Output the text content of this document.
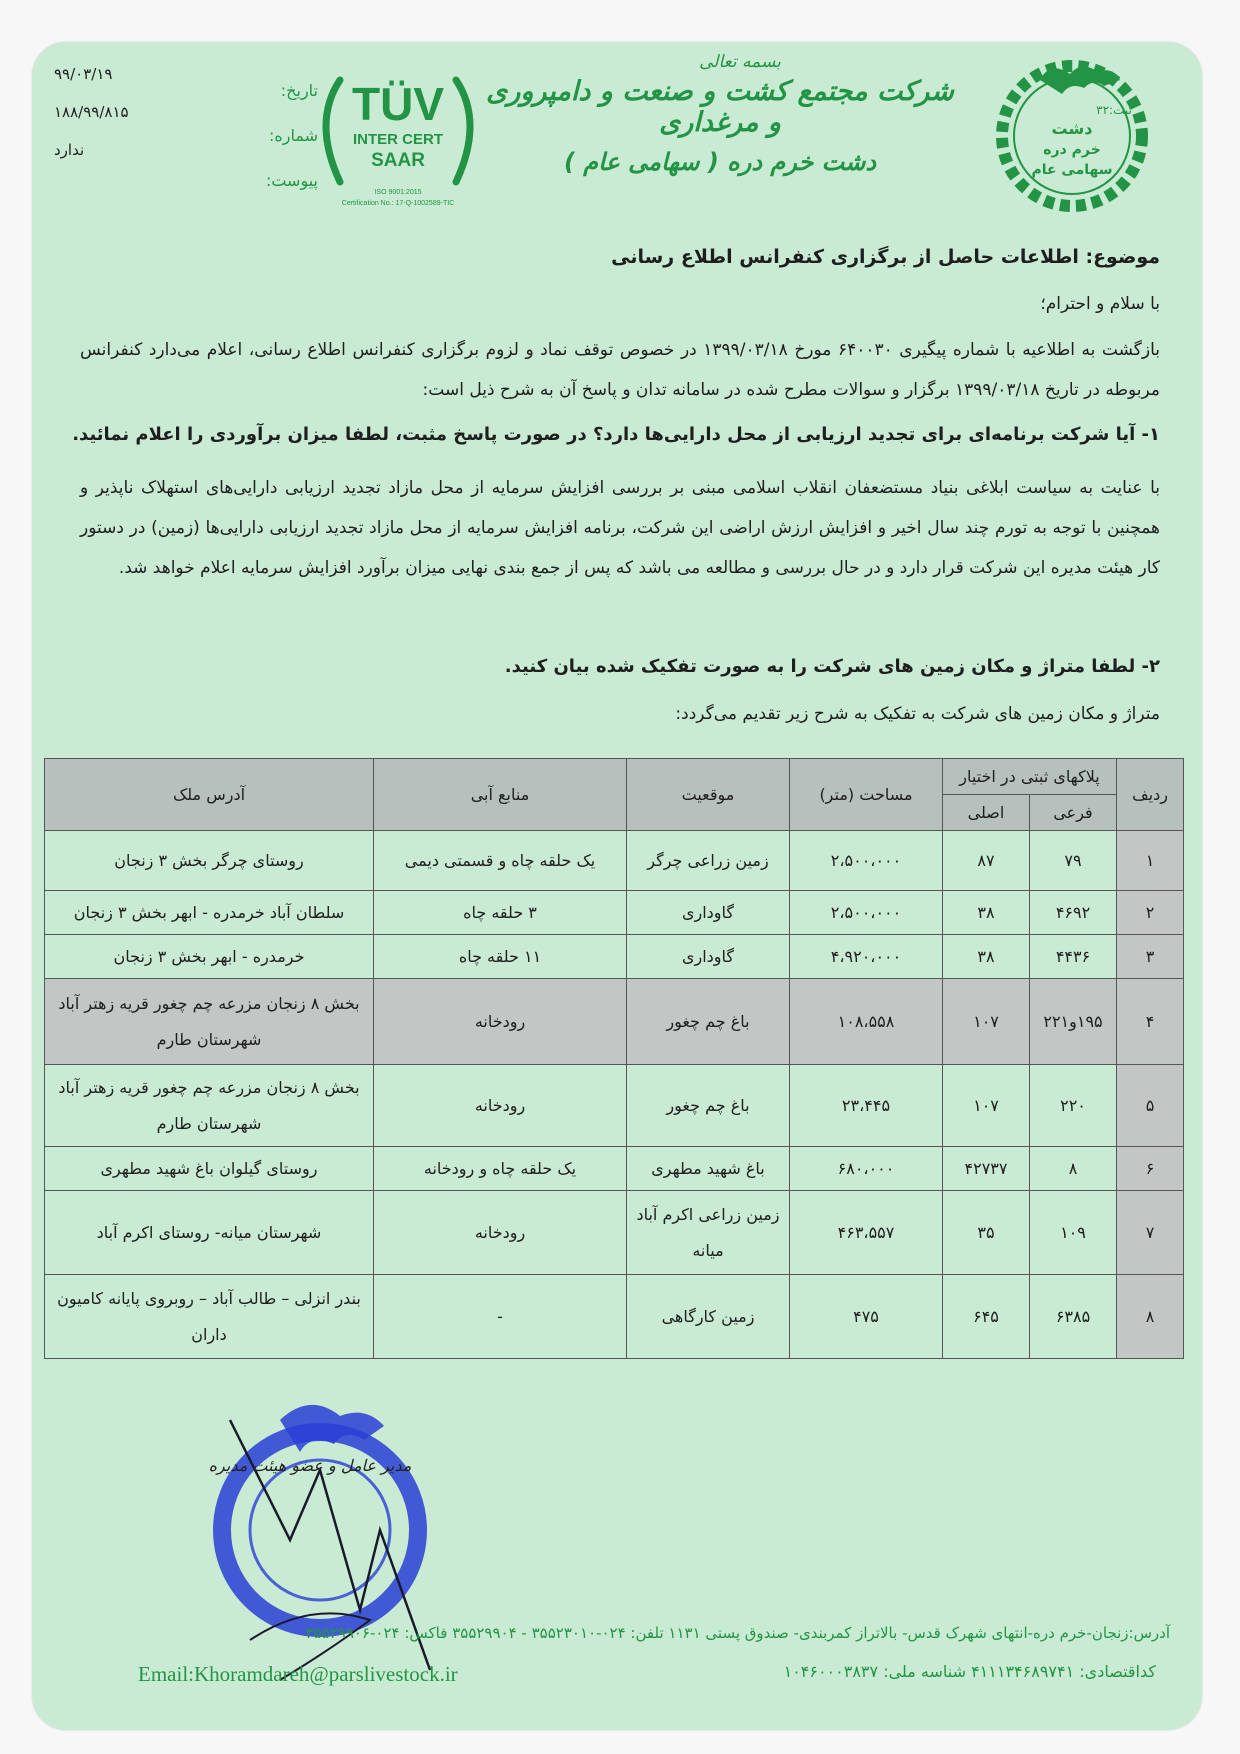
۹۹/۰۳/۱۹
۱۸۸/۹۹/۸۱۵
ندارد
تاریخ:
شماره:
پیوست:
TÜV
INTER CERT
SAAR
ISO 9001:2015
Certification No.: 17-Q-1002589-TIC
بسمه تعالی
شرکت مجتمع کشت و صنعت و دامپروری و مرغداری
دشت خرم دره ( سهامی عام )
ثبت:۳۲
دشت
خرم دره
سهامی عام
موضوع: اطلاعات حاصل از برگزاری کنفرانس اطلاع رسانی
با سلام و احترام؛
بازگشت به اطلاعیه با شماره پیگیری ۶۴۰۰۳۰ مورخ ۱۳۹۹/۰۳/۱۸ در خصوص توقف نماد و لزوم برگزاری کنفرانس اطلاع رسانی، اعلام می‌دارد کنفرانس مربوطه در تاریخ ۱۳۹۹/۰۳/۱۸ برگزار و سوالات مطرح شده در سامانه تدان و پاسخ آن به شرح ذیل است:
۱- آیا شرکت برنامه‌ای برای تجدید ارزیابی از محل دارایی‌ها دارد؟ در صورت پاسخ مثبت، لطفا میزان برآوردی را اعلام نمائید.
با عنایت به سیاست ابلاغی بنیاد مستضعفان انقلاب اسلامی مبنی بر بررسی افزایش سرمایه از محل مازاد تجدید ارزیابی دارایی‌های استهلاک ناپذیر و همچنین با توجه به تورم چند سال اخیر و افزایش ارزش اراضی این شرکت، برنامه افزایش سرمایه از محل مازاد تجدید ارزیابی دارایی‌ها (زمین) در دستور کار هیئت مدیره این شرکت قرار دارد و در حال بررسی و مطالعه می باشد که پس از جمع بندی نهایی میزان برآورد افزایش سرمایه اعلام خواهد شد.
۲- لطفا متراژ و مکان زمین های شرکت را به صورت تفکیک شده بیان کنید.
متراژ و مکان زمین های شرکت به تفکیک به شرح زیر تقدیم می‌گردد:
ردیف	پلاکهای ثبتی در اختیار		مساحت (متر)	موقعیت	منابع آبی	آدرس ملک
	فرعی	اصلی				
۱	۷۹	۸۷	۲،۵۰۰،۰۰۰	زمین زراعی چرگر	یک حلقه چاه و قسمتی دیمی	روستای چرگر بخش ۳ زنجان
۲	۴۶۹۲	۳۸	۲،۵۰۰،۰۰۰	گاوداری	۳ حلقه چاه	سلطان آباد خرمدره - ابهر بخش ۳ زنجان
۳	۴۴۳۶	۳۸	۴،۹۲۰،۰۰۰	گاوداری	۱۱ حلقه چاه	خرمدره - ابهر بخش ۳ زنجان
۴	۱۹۵و۲۲۱	۱۰۷	۱۰۸،۵۵۸	باغ چم چغور	رودخانه	بخش ۸ زنجان مزرعه چم چغور قریه زهتر آباد شهرستان طارم
۵	۲۲۰	۱۰۷	۲۳،۴۴۵	باغ چم چغور	رودخانه	بخش ۸ زنجان مزرعه چم چغور قریه زهتر آباد شهرستان طارم
۶	۸	۴۲۷۳۷	۶۸۰،۰۰۰	باغ شهید مطهری	یک حلقه چاه و رودخانه	روستای گیلوان باغ شهید مطهری
۷	۱۰۹	۳۵	۴۶۳،۵۵۷	زمین زراعی اکرم آباد میانه	رودخانه	شهرستان میانه- روستای اکرم آباد
۸	۶۳۸۵	۶۴۵	۴۷۵	زمین کارگاهی	-	بندر انزلی – طالب آباد – روبروی پایانه کامیون داران
مدیر عامل و عضو هیئت مدیره
آدرس:زنجان-خرم دره-انتهای شهرک قدس- بالاتراز کمربندی- صندوق پستی ۱۱۳۱ تلفن: ۰۲۴-۳۵۵۲۳۰۱۰ - ۳۵۵۲۹۹۰۴ فاکس: ۰۲۴-۳۵۵۲۹۹۰۶
Email:Khoramdareh@parslivestock.ir	کداقتصادی: ۴۱۱۱۳۴۶۸۹۷۴۱ شناسه ملی: ۱۰۴۶۰۰۰۳۸۳۷
